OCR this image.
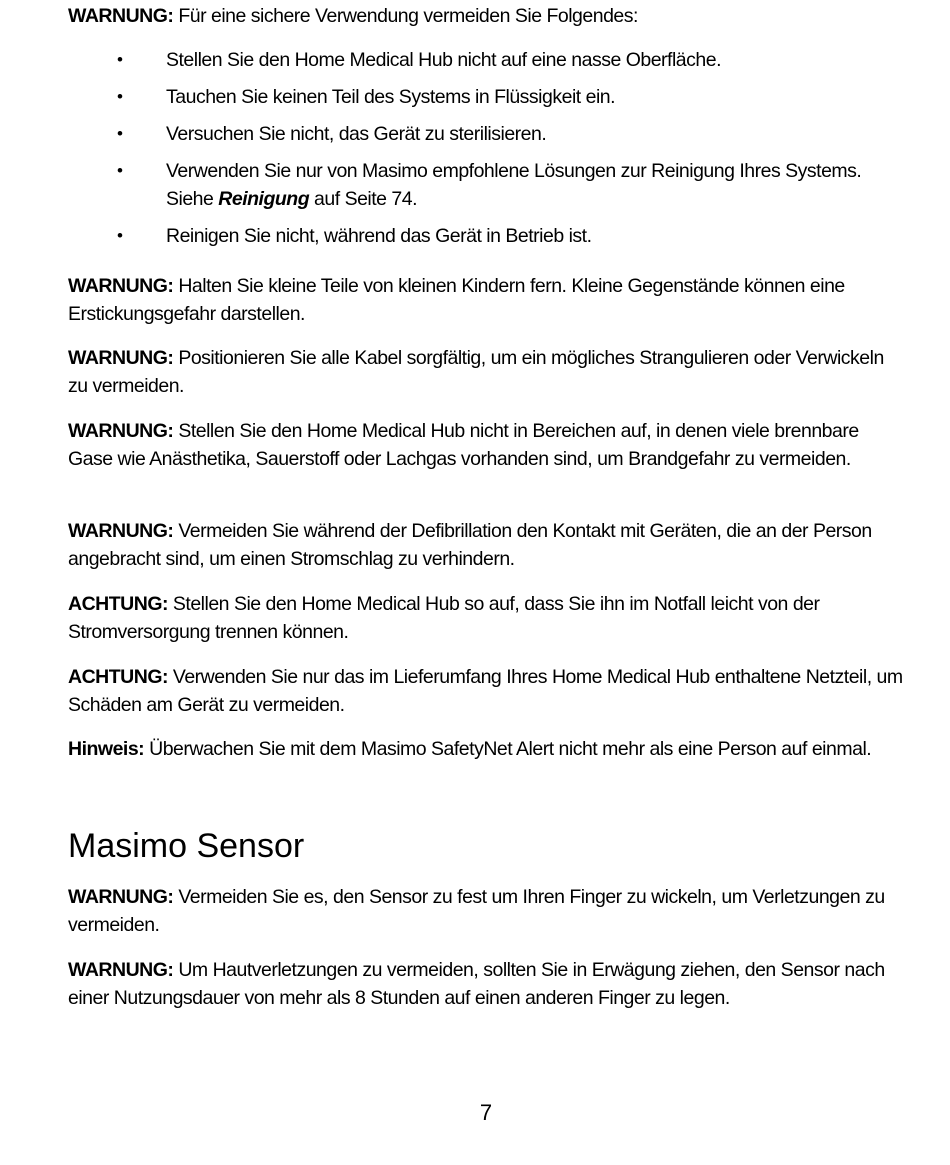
WARNUNG: Für eine sichere Verwendung vermeiden Sie Folgendes:

• Stellen Sie den Home Medical Hub nicht auf eine nasse Oberfläche.
• Tauchen Sie keinen Teil des Systems in Flüssigkeit ein.
• Versuchen Sie nicht, das Gerät zu sterilisieren.
• Verwenden Sie nur von Masimo empfohlene Lösungen zur Reinigung Ihres Systems. Siehe Reinigung auf Seite 74.
• Reinigen Sie nicht, während das Gerät in Betrieb ist.

WARNUNG: Halten Sie kleine Teile von kleinen Kindern fern. Kleine Gegenstände können eine Erstickungsgefahr darstellen.

WARNUNG: Positionieren Sie alle Kabel sorgfältig, um ein mögliches Strangulieren oder Verwickeln zu vermeiden.

WARNUNG: Stellen Sie den Home Medical Hub nicht in Bereichen auf, in denen viele brennbare Gase wie Anästhetika, Sauerstoff oder Lachgas vorhanden sind, um Brandgefahr zu vermeiden.

WARNUNG: Vermeiden Sie während der Defibrillation den Kontakt mit Geräten, die an der Person angebracht sind, um einen Stromschlag zu verhindern.

ACHTUNG: Stellen Sie den Home Medical Hub so auf, dass Sie ihn im Notfall leicht von der Stromversorgung trennen können.

ACHTUNG: Verwenden Sie nur das im Lieferumfang Ihres Home Medical Hub enthaltene Netzteil, um Schäden am Gerät zu vermeiden.

Hinweis: Überwachen Sie mit dem Masimo SafetyNet Alert nicht mehr als eine Person auf einmal.

Masimo Sensor

WARNUNG: Vermeiden Sie es, den Sensor zu fest um Ihren Finger zu wickeln, um Verletzungen zu vermeiden.

WARNUNG: Um Hautverletzungen zu vermeiden, sollten Sie in Erwägung ziehen, den Sensor nach einer Nutzungsdauer von mehr als 8 Stunden auf einen anderen Finger zu legen.

7
